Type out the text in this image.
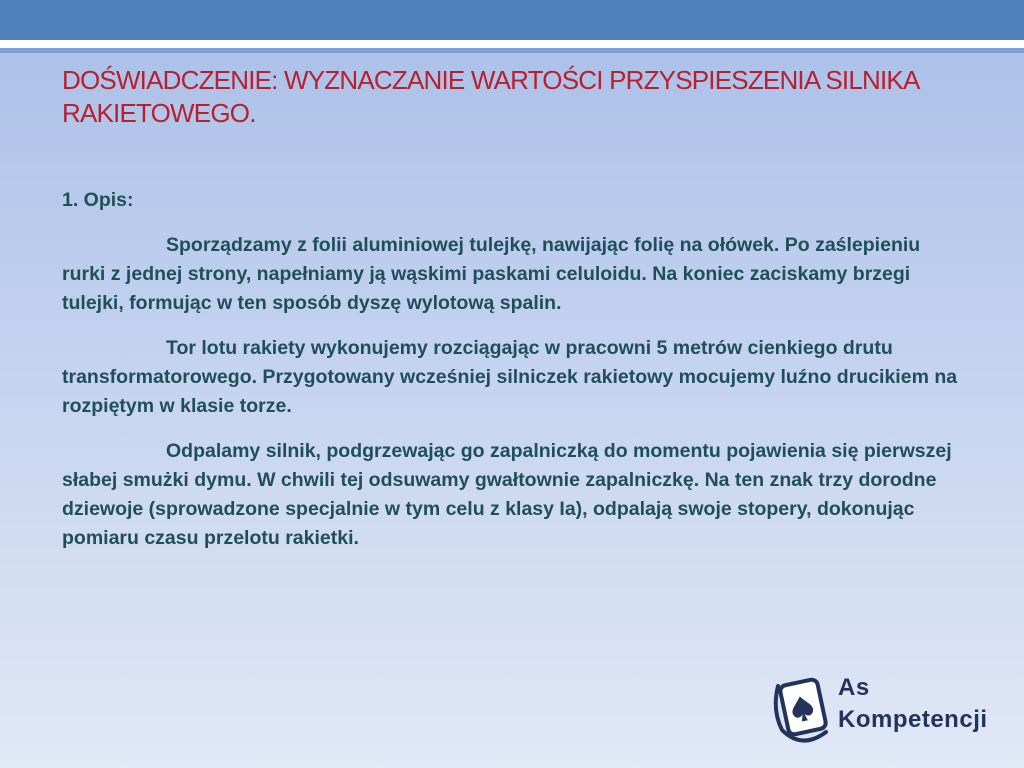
DOŚWIADCZENIE: WYZNACZANIE WARTOŚCI PRZYSPIESZENIA SILNIKA RAKIETOWEGO.
1. Opis:

Sporządzamy z folii aluminiowej tulejkę, nawijając folię na ołówek. Po zaślepieniu rurki z jednej strony, napełniamy ją wąskimi paskami celuloidu. Na koniec zaciskamy brzegi tulejki, formując w ten sposób dyszę wylotową spalin.

Tor lotu rakiety wykonujemy rozciągając w pracowni 5 metrów cienkiego drutu transformatorowego. Przygotowany wcześniej silniczek rakietowy mocujemy luźno drucikiem na rozpiętym w klasie torze.

Odpalamy silnik, podgrzewając go zapalniczką do momentu pojawienia się pierwszej słabej smużki dymu. W chwili tej odsuwamy gwałtownie zapalniczkę. Na ten znak trzy dorodne dziewoje (sprowadzone specjalnie w tym celu z klasy Ia), odpalają swoje stopery, dokonując pomiaru czasu przelotu rakietki.

As
Kompetencji
